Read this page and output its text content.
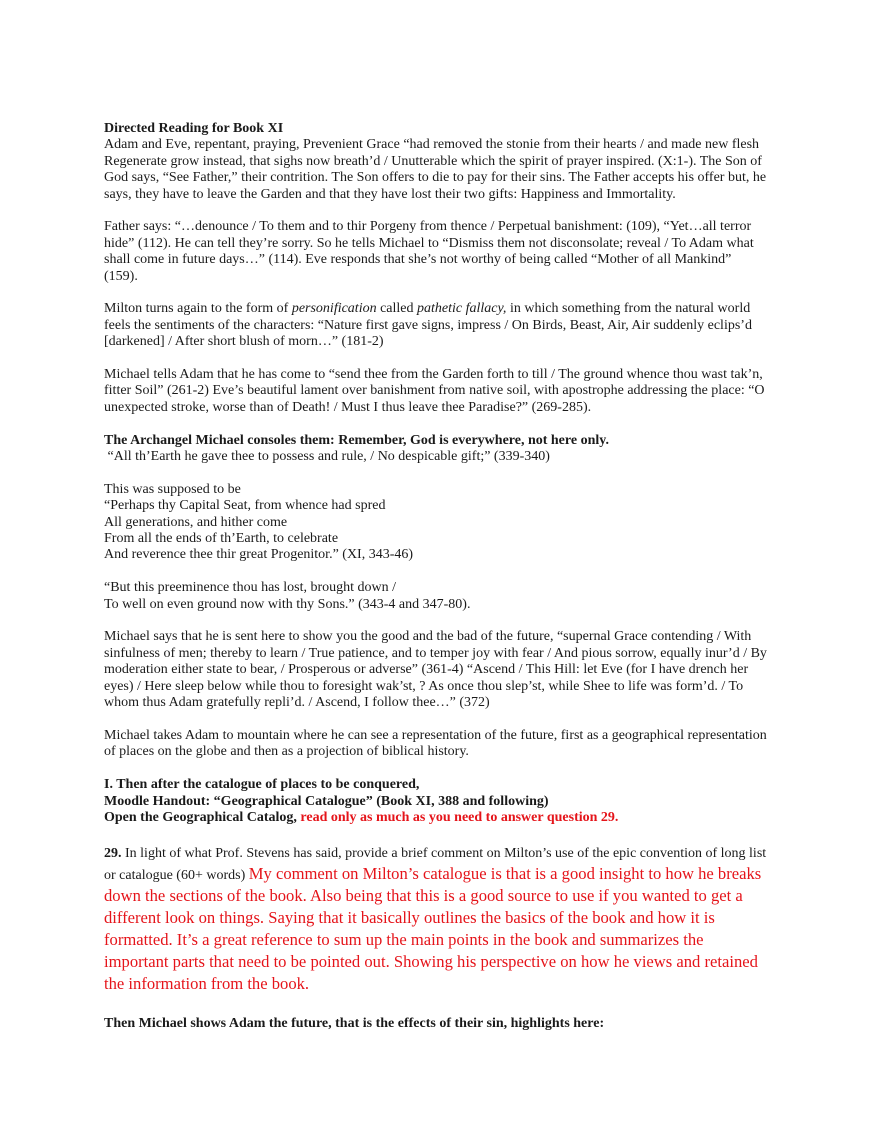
Directed Reading for Book XI

Adam and Eve, repentant, praying, Prevenient Grace “had removed the stonie from their hearts / and made new flesh Regenerate grow instead, that sighs now breath’d / Unutterable which the spirit of prayer inspired. (X:1-). The Son of God says, “See Father,” their contrition. The Son offers to die to pay for their sins. The Father accepts his offer but, he says, they have to leave the Garden and that they have lost their two gifts: Happiness and Immortality.

Father says: “…denounce / To them and to thir Porgeny from thence / Perpetual banishment: (109), “Yet…all terror hide” (112). He can tell they’re sorry. So he tells Michael to “Dismiss them not disconsolate; reveal / To Adam what shall come in future days…” (114). Eve responds that she’s not worthy of being called “Mother of all Mankind” (159).

Milton turns again to the form of personification called pathetic fallacy, in which something from the natural world feels the sentiments of the characters: “Nature first gave signs, impress / On Birds, Beast, Air, Air suddenly eclips’d [darkened] / After short blush of morn…” (181-2)

Michael tells Adam that he has come to “send thee from the Garden forth to till / The ground whence thou wast tak’n, fitter Soil” (261-2) Eve’s beautiful lament over banishment from native soil, with apostrophe addressing the place: “O unexpected stroke, worse than of Death! / Must I thus leave thee Paradise?” (269-285).

The Archangel Michael consoles them: Remember, God is everywhere, not here only.

“All th’Earth he gave thee to possess and rule, / No despicable gift;” (339-340)

This was supposed to be

“Perhaps thy Capital Seat, from whence had spred

All generations, and hither come

From all the ends of th’Earth, to celebrate

And reverence thee thir great Progenitor.” (XI, 343-46)

“But this preeminence thou has lost, brought down /

To well on even ground now with thy Sons.” (343-4 and 347-80).

Michael says that he is sent here to show you the good and the bad of the future, “supernal Grace contending / With sinfulness of men; thereby to learn / True patience, and to temper joy with fear / And pious sorrow, equally inur’d / By moderation either state to bear, / Prosperous or adverse” (361-4) “Ascend / This Hill: let Eve (for I have drench her eyes) / Here sleep below while thou to foresight wak’st, ? As once thou slep’st, while Shee to life was form’d. / To whom thus Adam gratefully repli’d. / Ascend, I follow thee…” (372)

Michael takes Adam to mountain where he can see a representation of the future, first as a geographical representation of places on the globe and then as a projection of biblical history.

I. Then after the catalogue of places to be conquered,

Moodle Handout: “Geographical Catalogue” (Book XI, 388 and following)

Open the Geographical Catalog, read only as much as you need to answer question 29.

29. In light of what Prof. Stevens has said, provide a brief comment on Milton’s use of the epic convention of long list or catalogue (60+ words) My comment on Milton’s catalogue is that is a good insight to how he breaks down the sections of the book. Also being that this is a good source to use if you wanted to get a different look on things. Saying that it basically outlines the basics of the book and how it is formatted. It’s a great reference to sum up the main points in the book and summarizes the important parts that need to be pointed out. Showing his perspective on how he views and retained the information from the book.

Then Michael shows Adam the future, that is the effects of their sin, highlights here:
